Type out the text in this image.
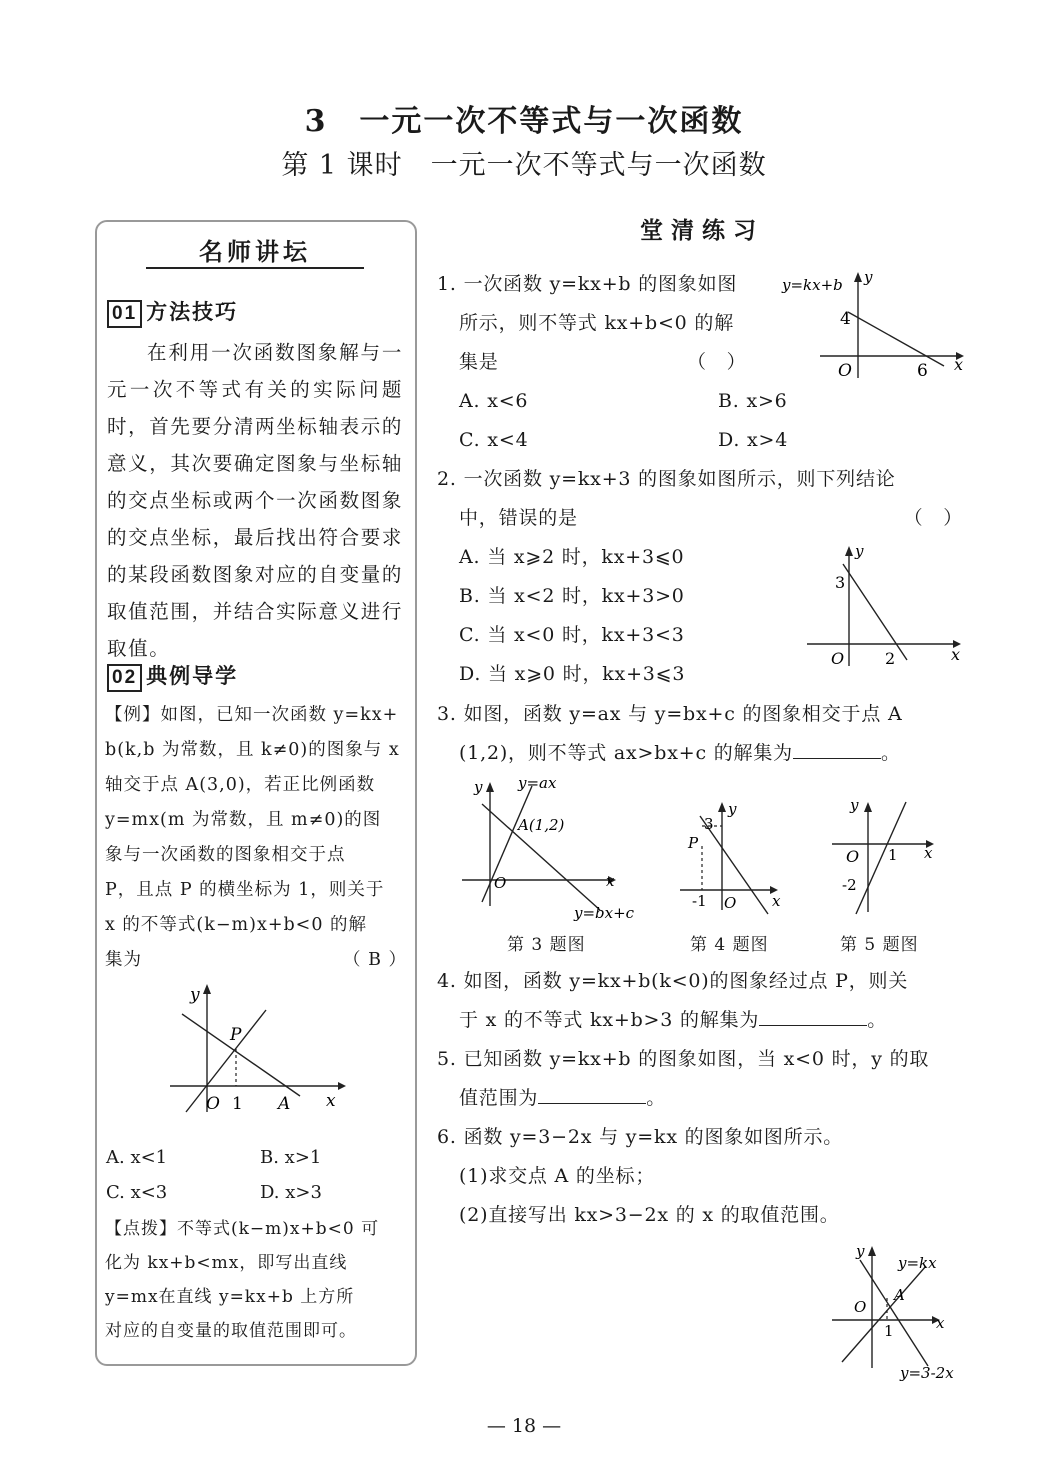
3　一元一次不等式与一次函数
第 1 课时　一元一次不等式与一次函数
名师讲坛
01 方法技巧
在利用一次函数图象解与一元一次不等式有关的实际问题时，首先要分清两坐标轴表示的意义，其次要确定图象与坐标轴的交点坐标或两个一次函数图象的交点坐标，最后找出符合要求的某段函数图象对应的自变量的取值范围，并结合实际意义进行取值。
02 典例导学
【例】如图，已知一次函数 y=kx+
b(k,b 为常数，且 k≠0)的图象与 x
轴交于点 A(3,0)，若正比例函数
y=mx(m 为常数，且 m≠0)的图
象与一次函数的图象相交于点
P，且点 P 的横坐标为 1，则关于
x 的不等式(k−m)x+b<0 的解
集为	（ B ）
y
x
O 1 A
P
A. x<1	B. x>1
C. x<3	D. x>3
【点拨】不等式(k−m)x+b<0 可
化为 kx+b<mx，即写出直线
y=mx在直线 y=kx+b 上方所
对应的自变量的取值范围即可。
堂清练习
1. 一次函数 y=kx+b 的图象如图
所示，则不等式 kx+b<0 的解
集是	（　）
A. x<6	B. x>6
C. x<4	D. x>4
y=kx+b y
x
O
4
6
2. 一次函数 y=kx+3 的图象如图所示，则下列结论
中，错误的是	（　）
A. 当 x⩾2 时，kx+3⩽0
B. 当 x<2 时，kx+3>0
C. 当 x<0 时，kx+3<3
D. 当 x⩾0 时，kx+3⩽3
y
x
O
3
2
3. 如图，函数 y=ax 与 y=bx+c 的图象相交于点 A
(1,2)，则不等式 ax>bx+c 的解集为	。
y y=ax
A(1,2)
O	x
y=bx+c
第 3 题图
y
x
3
P
-1 O
第 4 题图
y
O 1 x
-2
第 5 题图
4. 如图，函数 y=kx+b(k<0)的图象经过点 P，则关
于 x 的不等式 kx+b>3 的解集为	。
5. 已知函数 y=kx+b 的图象如图，当 x<0 时，y 的取
值范围为	。
6. 函数 y=3−2x 与 y=kx 的图象如图所示。
(1)求交点 A 的坐标；
(2)直接写出 kx>3−2x 的 x 的取值范围。
y
y=kx
O
A
1	x
y=3-2x
— 18 —
